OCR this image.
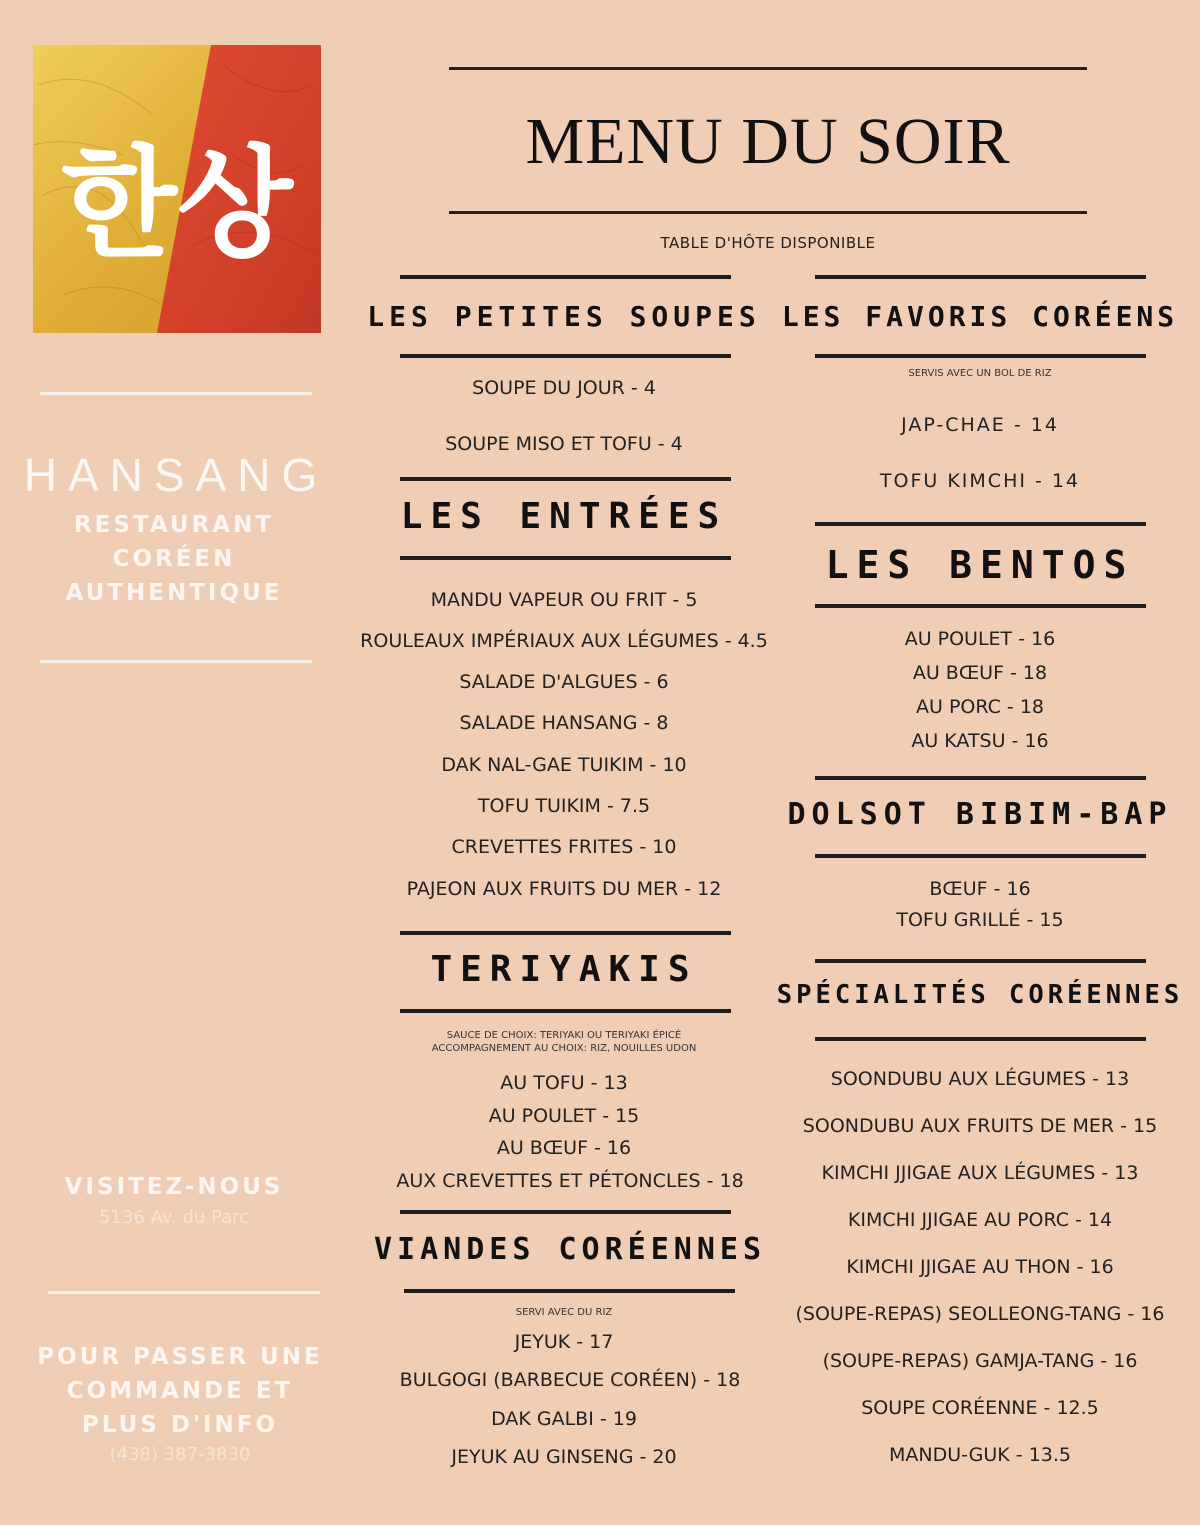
한상
HANSANG
RESTAURANT
CORÉEN
AUTHENTIQUE
VISITEZ-NOUS
5136 Av. du Parc
POUR PASSER UNE
COMMANDE ET
PLUS D'INFO
(438) 387-3830
MENU DU SOIR
TABLE D'HÔTE DISPONIBLE
LES PETITES SOUPES
SOUPE DU JOUR - 4
SOUPE MISO ET TOFU - 4
LES ENTRÉES
MANDU VAPEUR OU FRIT - 5
ROULEAUX IMPÉRIAUX AUX LÉGUMES - 4.5
SALADE D'ALGUES - 6
SALADE HANSANG - 8
DAK NAL-GAE TUIKIM - 10
TOFU TUIKIM - 7.5
CREVETTES FRITES - 10
PAJEON AUX FRUITS DU MER - 12
TERIYAKIS
SAUCE DE CHOIX: TERIYAKI OU TERIYAKI ÉPICÉ
ACCOMPAGNEMENT AU CHOIX: RIZ, NOUILLES UDON
AU TOFU - 13
AU POULET - 15
AU BŒUF - 16
AUX CREVETTES ET PÉTONCLES - 18
VIANDES CORÉENNES
SERVI AVEC DU RIZ
JEYUK - 17
BULGOGI (BARBECUE CORÉEN) - 18
DAK GALBI - 19
JEYUK AU GINSENG - 20
LES FAVORIS CORÉENS
SERVIS AVEC UN BOL DE RIZ
JAP-CHAE - 14
TOFU KIMCHI - 14
LES BENTOS
AU POULET - 16
AU BŒUF - 18
AU PORC - 18
AU KATSU - 16
DOLSOT BIBIM-BAP
BŒUF - 16
TOFU GRILLÉ - 15
SPÉCIALITÉS CORÉENNES
SOONDUBU AUX LÉGUMES - 13
SOONDUBU AUX FRUITS DE MER - 15
KIMCHI JJIGAE AUX LÉGUMES - 13
KIMCHI JJIGAE AU PORC - 14
KIMCHI JJIGAE AU THON - 16
(SOUPE-REPAS) SEOLLEONG-TANG - 16
(SOUPE-REPAS) GAMJA-TANG - 16
SOUPE CORÉENNE - 12.5
MANDU-GUK - 13.5
